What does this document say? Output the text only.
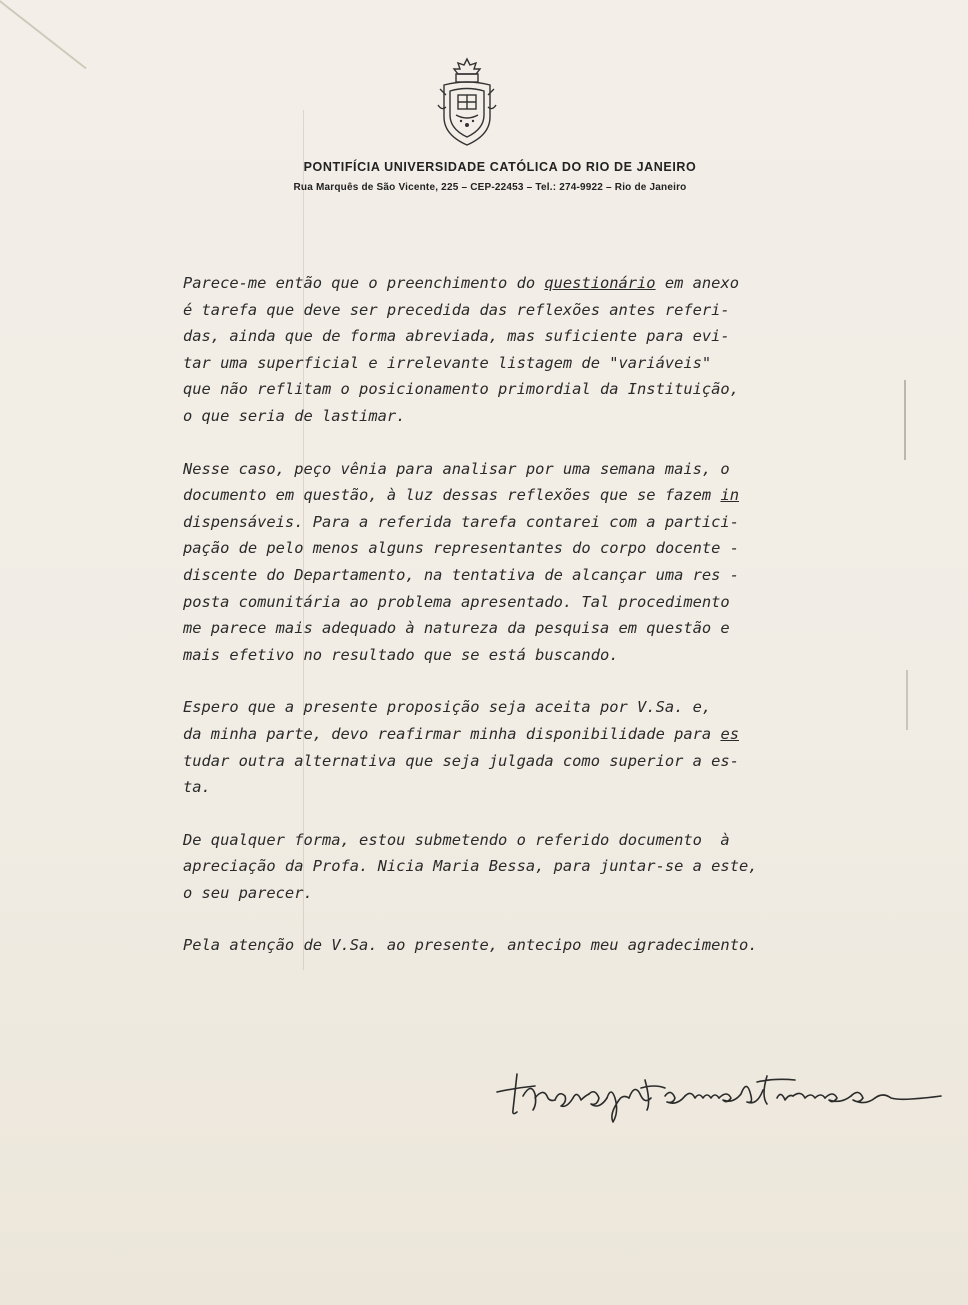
PONTIFÍCIA UNIVERSIDADE CATÓLICA DO RIO DE JANEIRO
Rua Marquês de São Vicente, 225 – CEP-22453 – Tel.: 274-9922 – Rio de Janeiro
Parece-me então que o preenchimento do questionário em anexo
é tarefa que deve ser precedida das reflexões antes referi-
das, ainda que de forma abreviada, mas suficiente para evi-
tar uma superficial e irrelevante listagem de "variáveis"
que não reflitam o posicionamento primordial da Instituição,
o que seria de lastimar.
Nesse caso, peço vênia para analisar por uma semana mais, o
documento em questão, à luz dessas reflexões que se fazem in
dispensáveis. Para a referida tarefa contarei com a partici-
pação de pelo menos alguns representantes do corpo docente -
discente do Departamento, na tentativa de alcançar uma res -
posta comunitária ao problema apresentado. Tal procedimento
me parece mais adequado à natureza da pesquisa em questão e
mais efetivo no resultado que se está buscando.
Espero que a presente proposição seja aceita por V.Sa. e,
da minha parte, devo reafirmar minha disponibilidade para es
tudar outra alternativa que seja julgada como superior a es-
ta.
De qualquer forma, estou submetendo o referido documento  à
apreciação da Profa. Nicia Maria Bessa, para juntar-se a este,
o seu parecer.
Pela atenção de V.Sa. ao presente, antecipo meu agradecimento.
